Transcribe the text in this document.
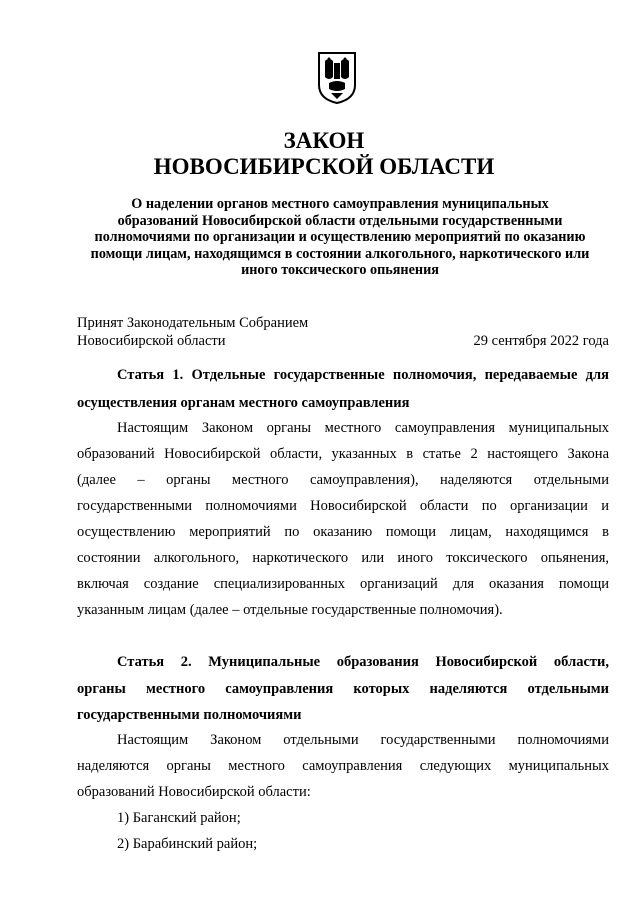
ЗАКОН
НОВОСИБИРСКОЙ ОБЛАСТИ
О наделении органов местного самоуправления муниципальных
образований Новосибирской области отдельными государственными
полномочиями по организации и осуществлению мероприятий по оказанию
помощи лицам, находящимся в состоянии алкогольного, наркотического или
иного токсического опьянения
Принят Законодательным Собранием
Новосибирской области	29 сентября 2022 года
Статья 1. Отдельные государственные полномочия, передаваемые для
осуществления органам местного самоуправления
Настоящим Законом органы местного самоуправления муниципальных
образований Новосибирской области, указанных в статье 2 настоящего Закона
(далее – органы местного самоуправления), наделяются отдельными
государственными полномочиями Новосибирской области по организации и
осуществлению мероприятий по оказанию помощи лицам, находящимся в
состоянии алкогольного, наркотического или иного токсического опьянения,
включая создание специализированных организаций для оказания помощи
указанным лицам (далее – отдельные государственные полномочия).
Статья 2. Муниципальные образования Новосибирской области,
органы местного самоуправления которых наделяются отдельными
государственными полномочиями
Настоящим Законом отдельными государственными полномочиями
наделяются органы местного самоуправления следующих муниципальных
образований Новосибирской области:
1) Баганский район;
2) Барабинский район;
